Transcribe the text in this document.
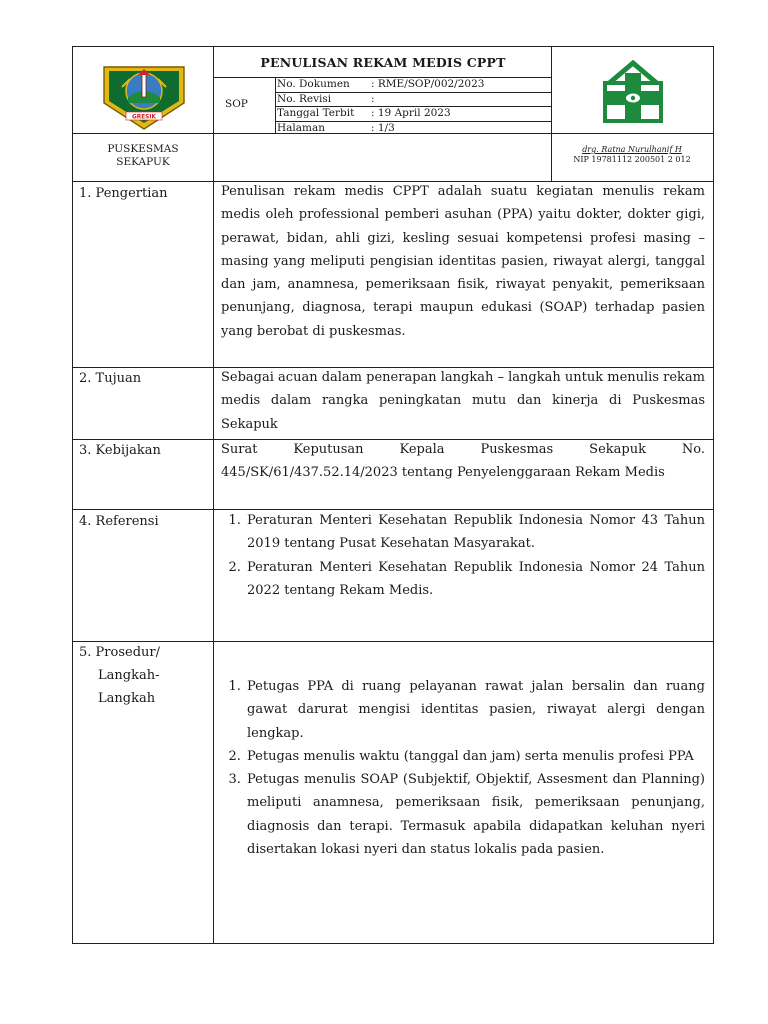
GRESIK
PENULISAN REKAM MEDIS CPPT
SOP
No. Dokumen : RME/SOP/002/2023
No. Revisi	:
Tanggal Terbit : 19 April 2023
Halaman	: 1/3
PUSKESMAS
SEKAPUK
drg. Ratna Nurulhanif H
NIP 19781112 200501 2 012
1. Pengertian	Penulisan rekam medis CPPT adalah suatu kegiatan menulis rekam medis oleh professional pemberi asuhan (PPA) yaitu dokter, dokter gigi, perawat, bidan, ahli gizi, kesling sesuai kompetensi profesi masing – masing yang meliputi pengisian identitas pasien, riwayat alergi, tanggal dan jam, anamnesa, pemeriksaan fisik, riwayat penyakit, pemeriksaan penunjang, diagnosa, terapi maupun edukasi (SOAP) terhadap pasien yang berobat di puskesmas.

2. Tujuan	Sebagai acuan dalam penerapan langkah – langkah untuk menulis rekam medis dalam rangka peningkatan mutu dan kinerja di Puskesmas Sekapuk

3. Kebijakan	Surat Keputusan Kepala Puskesmas Sekapuk No. 445/SK/61/437.52.14/2023 tentang Penyelenggaraan Rekam Medis

4. Referensi
1.	Peraturan Menteri Kesehatan Republik Indonesia Nomor 43 Tahun 2019 tentang Pusat Kesehatan Masyarakat.
2. Peraturan Menteri Kesehatan Republik Indonesia Nomor 24 Tahun 2022 tentang Rekam Medis.
5. Prosedur/
Langkah-
Langkah
1. Petugas PPA di ruang pelayanan rawat jalan bersalin dan ruang gawat darurat mengisi identitas pasien, riwayat alergi dengan lengkap.
2. Petugas menulis waktu (tanggal dan jam) serta menulis profesi PPA
3. Petugas menulis SOAP (Subjektif, Objektif, Assesment dan Planning) meliputi anamnesa, pemeriksaan fisik, pemeriksaan penunjang, diagnosis dan terapi. Termasuk apabila didapatkan keluhan nyeri disertakan lokasi nyeri dan status lokalis pada pasien.
